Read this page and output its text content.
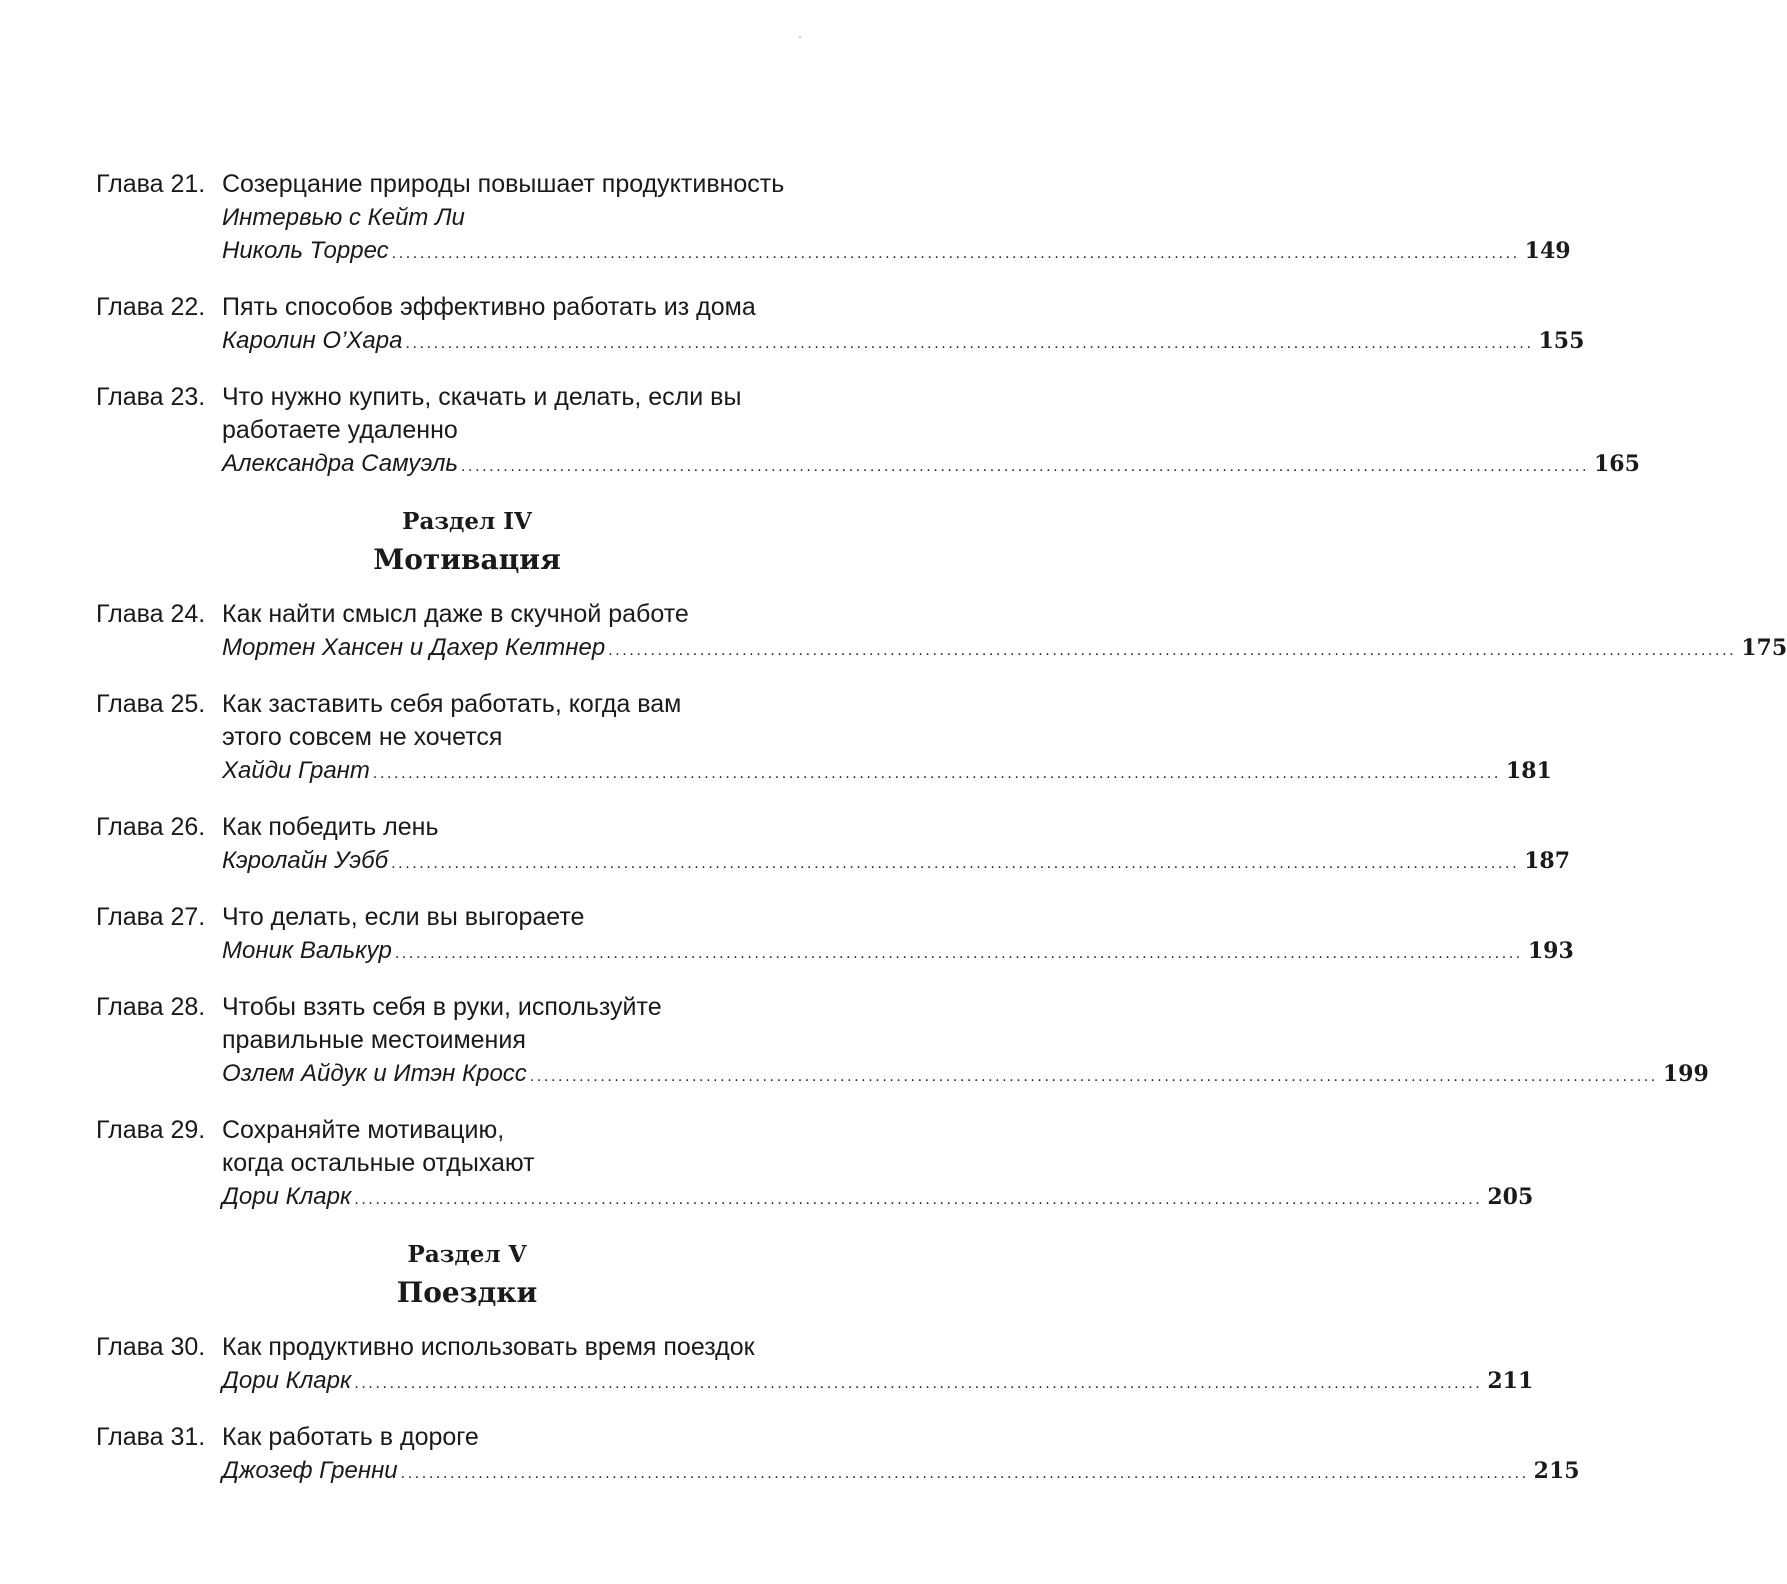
Глава 21. Созерцание природы повышает продуктивность
Интервью с Кейт Ли
Николь Торрес ................................................................................................................................................................ 149
Глава 22. Пять способов эффективно работать из дома
Каролин О’Хара ................................................................................................................................................................ 155
Глава 23. Что нужно купить, скачать и делать, если вы
работаете удаленно
Александра Самуэль ................................................................................................................................................................ 165
Раздел IV
Мотивация
Глава 24. Как найти смысл даже в скучной работе
Мортен Хансен и Дахер Келтнер ................................................................................................................................................................ 175
Глава 25. Как заставить себя работать, когда вам
этого совсем не хочется
Хайди Грант ................................................................................................................................................................ 181
Глава 26. Как победить лень
Кэролайн Уэбб ................................................................................................................................................................ 187
Глава 27. Что делать, если вы выгораете
Моник Валькур ................................................................................................................................................................ 193
Глава 28. Чтобы взять себя в руки, используйте
правильные местоимения
Озлем Айдук и Итэн Кросс ................................................................................................................................................................ 199
Глава 29. Сохраняйте мотивацию,
когда остальные отдыхают
Дори Кларк ................................................................................................................................................................ 205
Раздел V
Поездки
Глава 30. Как продуктивно использовать время поездок
Дори Кларк ................................................................................................................................................................ 211
Глава 31. Как работать в дороге
Джозеф Гренни ................................................................................................................................................................ 215
